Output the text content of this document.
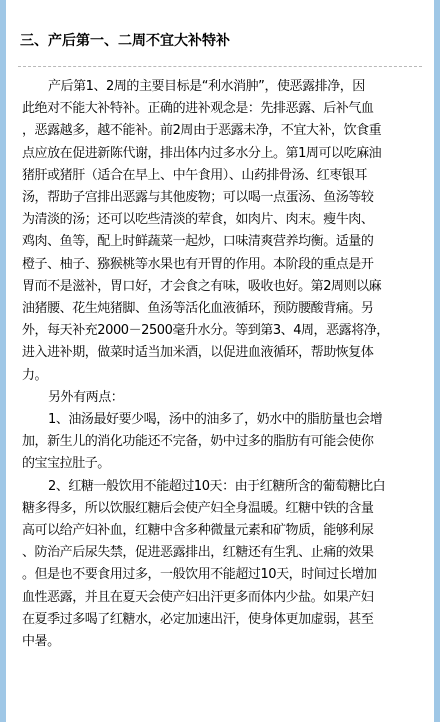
三、产后第一、二周不宜大补特补

产后第1、2周的主要目标是“利水消肿”，使恶露排净，因
此绝对不能大补特补。正确的进补观念是：先排恶露、后补气血
，恶露越多，越不能补。前2周由于恶露未净，不宜大补，饮食重
点应放在促进新陈代谢，排出体内过多水分上。第1周可以吃麻油
猪肝或猪肝（适合在早上、中午食用）、山药排骨汤、红枣银耳
汤，帮助子宫排出恶露与其他废物；可以喝一点蛋汤、鱼汤等较
为清淡的汤；还可以吃些清淡的荤食，如肉片、肉末。瘦牛肉、
鸡肉、鱼等，配上时鲜蔬菜一起炒，口味清爽营养均衡。适量的
橙子、柚子、猕猴桃等水果也有开胃的作用。本阶段的重点是开
胃而不是滋补，胃口好，才会食之有味，吸收也好。第2周则以麻
油猪腰、花生炖猪脚、鱼汤等活化血液循环，预防腰酸背痛。另
外，每天补充2000－2500毫升水分。等到第3、4周，恶露将净，
进入进补期，做菜时适当加米酒，以促进血液循环，帮助恢复体
力。

另外有两点：

1、油汤最好要少喝，汤中的油多了，奶水中的脂肪量也会增
加，新生儿的消化功能还不完备，奶中过多的脂肪有可能会使你
的宝宝拉肚子。

2、红糖一般饮用不能超过10天：由于红糖所含的葡萄糖比白
糖多得多，所以饮服红糖后会使产妇全身温暖。红糖中铁的含量
高可以给产妇补血，红糖中含多种微量元素和矿物质，能够利尿
、防治产后尿失禁，促进恶露排出，红糖还有生乳、止痛的效果
。但是也不要食用过多，一般饮用不能超过10天，时间过长增加
血性恶露，并且在夏天会使产妇出汗更多而体内少盐。如果产妇
在夏季过多喝了红糖水，必定加速出汗，使身体更加虚弱，甚至
中暑。
